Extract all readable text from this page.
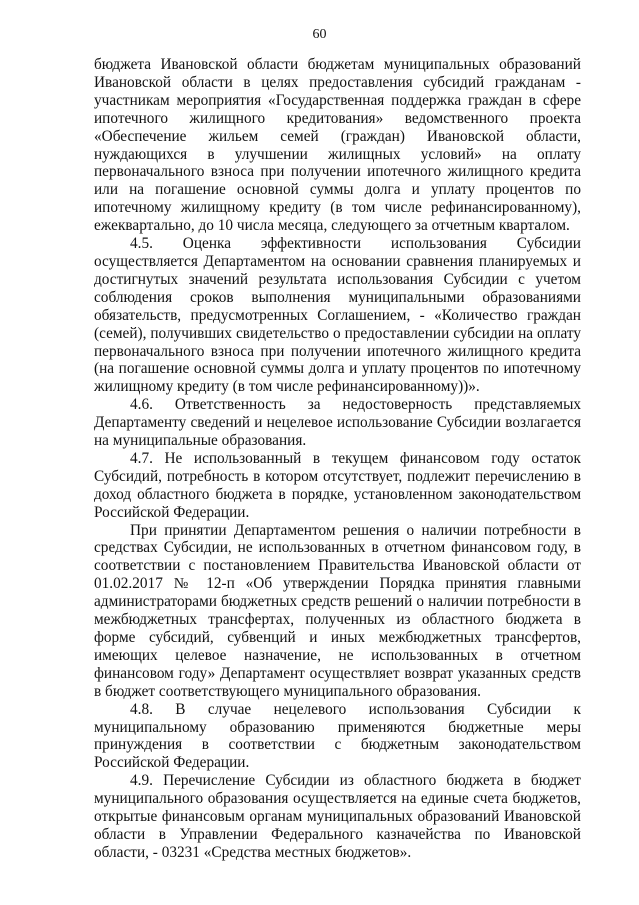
60

бюджета Ивановской области бюджетам муниципальных образований Ивановской области в целях предоставления субсидий гражданам - участникам мероприятия «Государственная поддержка граждан в сфере ипотечного жилищного кредитования» ведомственного проекта «Обеспечение жильем семей (граждан) Ивановской области, нуждающихся в улучшении жилищных условий» на оплату первоначального взноса при получении ипотечного жилищного кредита или на погашение основной суммы долга и уплату процентов по ипотечному жилищному кредиту (в том числе рефинансированному), ежеквартально, до 10 числа месяца, следующего за отчетным кварталом.

4.5. Оценка эффективности использования Субсидии осуществляется Департаментом на основании сравнения планируемых и достигнутых значений результата использования Субсидии с учетом соблюдения сроков выполнения муниципальными образованиями обязательств, предусмотренных Соглашением, - «Количество граждан (семей), получивших свидетельство о предоставлении субсидии на оплату первоначального взноса при получении ипотечного жилищного кредита (на погашение основной суммы долга и уплату процентов по ипотечному жилищному кредиту (в том числе рефинансированному))».

4.6. Ответственность за недостоверность представляемых Департаменту сведений и нецелевое использование Субсидии возлагается на муниципальные образования.

4.7. Не использованный в текущем финансовом году остаток Субсидий, потребность в котором отсутствует, подлежит перечислению в доход областного бюджета в порядке, установленном законодательством Российской Федерации.

При принятии Департаментом решения о наличии потребности в средствах Субсидии, не использованных в отчетном финансовом году, в соответствии с постановлением Правительства Ивановской области от 01.02.2017 № 12-п «Об утверждении Порядка принятия главными администраторами бюджетных средств решений о наличии потребности в межбюджетных трансфертах, полученных из областного бюджета в форме субсидий, субвенций и иных межбюджетных трансфертов, имеющих целевое назначение, не использованных в отчетном финансовом году» Департамент осуществляет возврат указанных средств в бюджет соответствующего муниципального образования.

4.8. В случае нецелевого использования Субсидии к муниципальному образованию применяются бюджетные меры принуждения в соответствии с бюджетным законодательством Российской Федерации.

4.9. Перечисление Субсидии из областного бюджета в бюджет муниципального образования осуществляется на единые счета бюджетов, открытые финансовым органам муниципальных образований Ивановской области в Управлении Федерального казначейства по Ивановской области, - 03231 «Средства местных бюджетов».
